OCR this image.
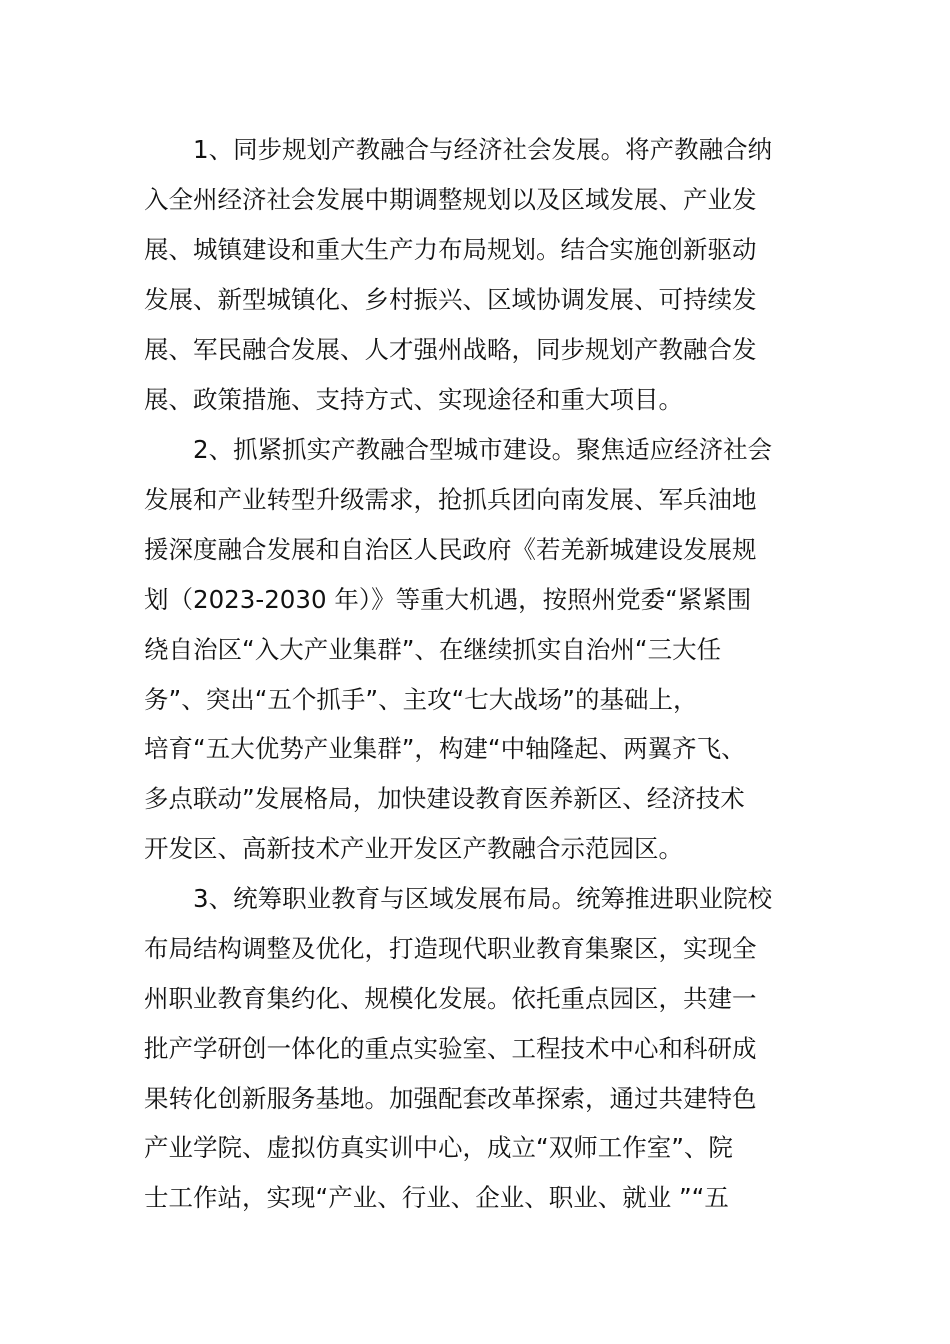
1、同步规划产教融合与经济社会发展。将产教融合纳
入全州经济社会发展中期调整规划以及区域发展、产业发
展、城镇建设和重大生产力布局规划。结合实施创新驱动
发展、新型城镇化、乡村振兴、区域协调发展、可持续发
展、军民融合发展、人才强州战略，同步规划产教融合发
展、政策措施、支持方式、实现途径和重大项目。
2、抓紧抓实产教融合型城市建设。聚焦适应经济社会
发展和产业转型升级需求，抢抓兵团向南发展、军兵油地
援深度融合发展和自治区人民政府《若羌新城建设发展规
划（2023-2030 年）》等重大机遇，按照州党委“紧紧围
绕自治区“入大产业集群”、在继续抓实自治州“三大任
务”、突出“五个抓手”、主攻“七大战场”的基础上，
培育“五大优势产业集群”，构建“中轴隆起、两翼齐飞、
多点联动”发展格局，加快建设教育医养新区、经济技术
开发区、高新技术产业开发区产教融合示范园区。
3、统筹职业教育与区域发展布局。统筹推进职业院校
布局结构调整及优化，打造现代职业教育集聚区，实现全
州职业教育集约化、规模化发展。依托重点园区，共建一
批产学研创一体化的重点实验室、工程技术中心和科研成
果转化创新服务基地。加强配套改革探索，通过共建特色
产业学院、虚拟仿真实训中心，成立“双师工作室”、院
士工作站，实现“产业、行业、企业、职业、就业 ”“五
